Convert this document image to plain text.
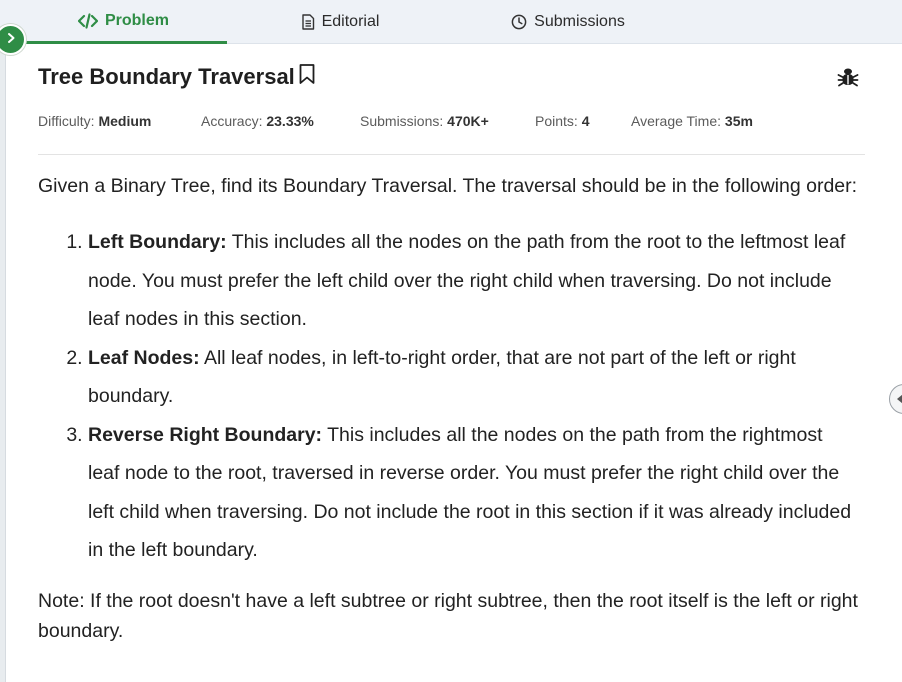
Problem	Editorial	Submissions
Tree Boundary Traversal
Difficulty: Medium	Accuracy: 23.33%	Submissions: 470K+	Points: 4	Average Time: 35m

Given a Binary Tree, find its Boundary Traversal. The traversal should be in the following order:

1. Left Boundary: This includes all the nodes on the path from the root to the leftmost leaf node. You must prefer the left child over the right child when traversing. Do not include leaf nodes in this section.
2. Leaf Nodes: All leaf nodes, in left-to-right order, that are not part of the left or right boundary.
3. Reverse Right Boundary: This includes all the nodes on the path from the rightmost leaf node to the root, traversed in reverse order. You must prefer the right child over the left child when traversing. Do not include the root in this section if it was already included in the left boundary.

Note: If the root doesn't have a left subtree or right subtree, then the root itself is the left or right boundary.
